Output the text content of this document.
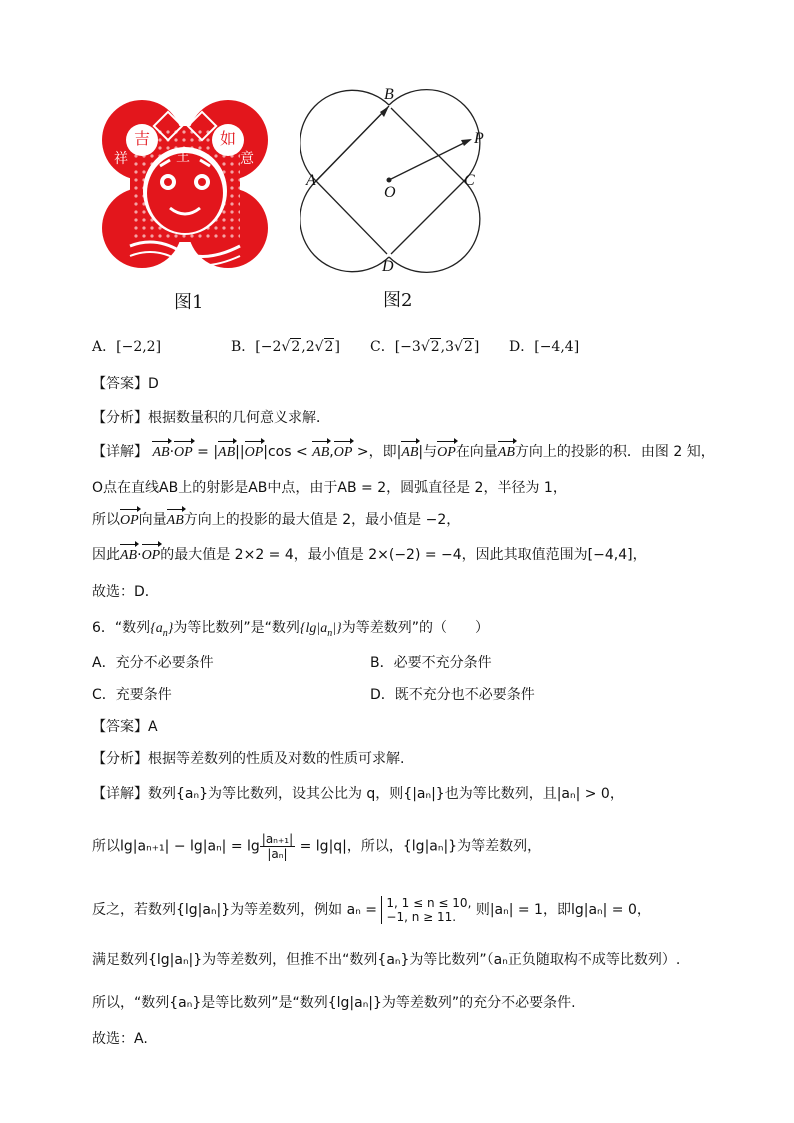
吉
祥
如
意
王
图1
B
P
A
O
C
D
图2
A．[−2,2]	B．[−2√2,2√2] C．[−3√2,3√2] D．[−4,4]
【答案】D
【分析】根据数量积的几何意义求解．
【详解】 AB·OP = |AB||OP|cos < AB,OP >，即|AB|与OP在向量AB方向上的投影的积．由图 2 知，
O点在直线AB上的射影是AB中点，由于AB = 2，圆弧直径是 2，半径为 1，
所以OP向量AB方向上的投影的最大值是 2，最小值是 −2，
因此AB·OP的最大值是 2×2 = 4，最小值是 2×(−2) = −4，因此其取值范围为[−4,4]，
故选：D．
6．“数列$\{a_n\}$为等比数列”是“数列$\{\lg|a_n|\}$为等差数列”的（　　）
A．充分不必要条件	B．必要不充分条件
C．充要条件	D．既不充分也不必要条件
【答案】A
【分析】根据等差数列的性质及对数的性质可求解.
【详解】数列{aₙ}为等比数列，设其公比为 q，则{|aₙ|}也为等比数列，且|aₙ| > 0，
所以$\lg|a_{n+1}| - \lg|a_n| = \lg \frac{\text{|aₙ₊₁|}}{\text{|aₙ|}} = \lg|q|$，所以，{lg|aₙ|}为等差数列，
反之，若数列{lg|aₙ|}为等差数列，例如 aₙ = 1, 1 ≤ n ≤ 10,
−1, n ≥ 11.	则|aₙ| = 1，即lg|aₙ| = 0，
满足数列{lg|aₙ|}为等差数列，但推不出“数列{aₙ}为等比数列”（aₙ正负随取构不成等比数列）.
所以，“数列{aₙ}是等比数列”是“数列{lg|aₙ|}为等差数列”的充分不必要条件.
故选：A.
